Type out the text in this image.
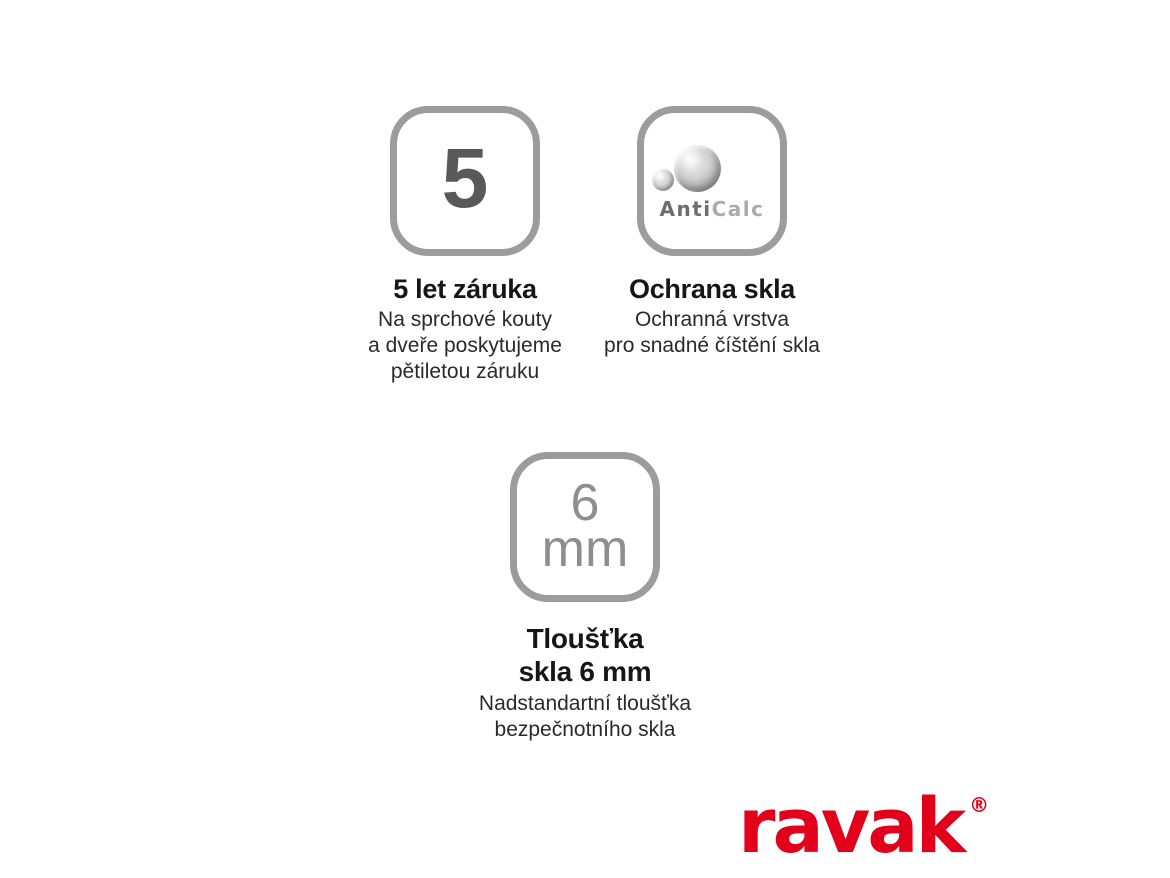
5
5 let záruka

Na sprchové kouty
a dveře poskytujeme
pětiletou záruku

AntiCalc
Ochrana skla

Ochranná vrstva
pro snadné číštění skla

6
mm
Tloušťka
skla 6 mm

Nadstandartní tloušťka
bezpečnotního skla

ravak ®
